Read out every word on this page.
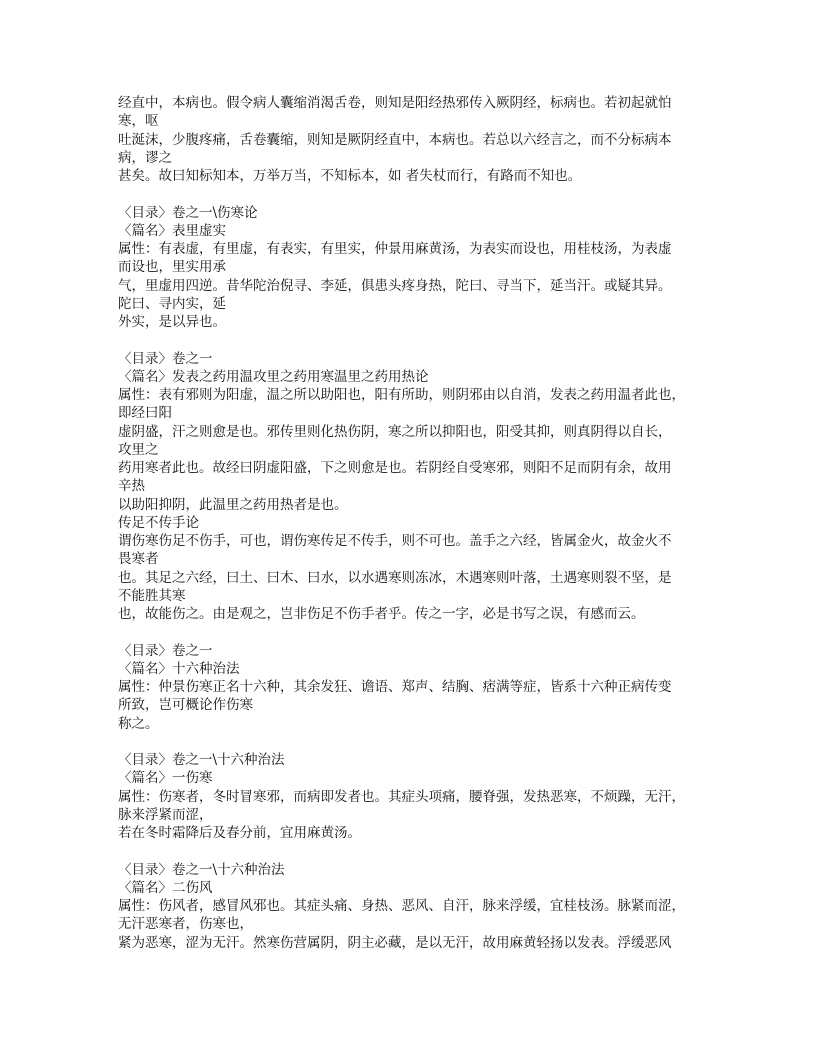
经直中，本病也。假令病人囊缩消渴舌卷，则知是阳经热邪传入厥阴经，标病也。若初起就怕
寒，呕
吐涎沫，少腹疼痛，舌卷囊缩，则知是厥阴经直中，本病也。若总以六经言之，而不分标病本
病，谬之
甚矣。故曰知标知本，万举万当，不知标本，如 者失杖而行，有路而不知也。
〈目录〉卷之一\伤寒论
〈篇名〉表里虚实
属性：有表虚，有里虚，有表实，有里实，仲景用麻黄汤，为表实而设也，用桂枝汤，为表虚
而设也，里实用承
气，里虚用四逆。昔华陀治倪寻、李延，俱患头疼身热，陀曰、寻当下，延当汗。或疑其异。
陀曰、寻内实，延
外实，是以异也。
〈目录〉卷之一
〈篇名〉发表之药用温攻里之药用寒温里之药用热论
属性：表有邪则为阳虚，温之所以助阳也，阳有所助，则阴邪由以自消，发表之药用温者此也，
即经曰阳
虚阴盛，汗之则愈是也。邪传里则化热伤阴，寒之所以抑阳也，阳受其抑，则真阴得以自长，
攻里之
药用寒者此也。故经曰阴虚阳盛，下之则愈是也。若阴经自受寒邪，则阳不足而阴有余，故用
辛热
以助阳抑阴，此温里之药用热者是也。
传足不传手论
谓伤寒伤足不伤手，可也，谓伤寒传足不传手，则不可也。盖手之六经，皆属金火，故金火不
畏寒者
也。其足之六经，曰土、曰木、曰水，以水遇寒则冻冰，木遇寒则叶落，土遇寒则裂不坚，是
不能胜其寒
也，故能伤之。由是观之，岂非伤足不伤手者乎。传之一字，必是书写之误，有感而云。
〈目录〉卷之一
〈篇名〉十六种治法
属性：仲景伤寒正名十六种，其余发狂、谵语、郑声、结胸、痞满等症，皆系十六种正病传变
所致，岂可概论作伤寒
称之。
〈目录〉卷之一\十六种治法
〈篇名〉一伤寒
属性：伤寒者，冬时冒寒邪，而病即发者也。其症头项痛，腰脊强，发热恶寒，不烦躁，无汗，
脉来浮紧而涩，
若在冬时霜降后及春分前，宜用麻黄汤。
〈目录〉卷之一\十六种治法
〈篇名〉二伤风
属性：伤风者，感冒风邪也。其症头痛、身热、恶风、自汗，脉来浮缓，宜桂枝汤。脉紧而涩，
无汗恶寒者，伤寒也，
紧为恶寒，涩为无汗。然寒伤营属阴，阴主必藏，是以无汗，故用麻黄轻扬以发表。浮缓恶风
